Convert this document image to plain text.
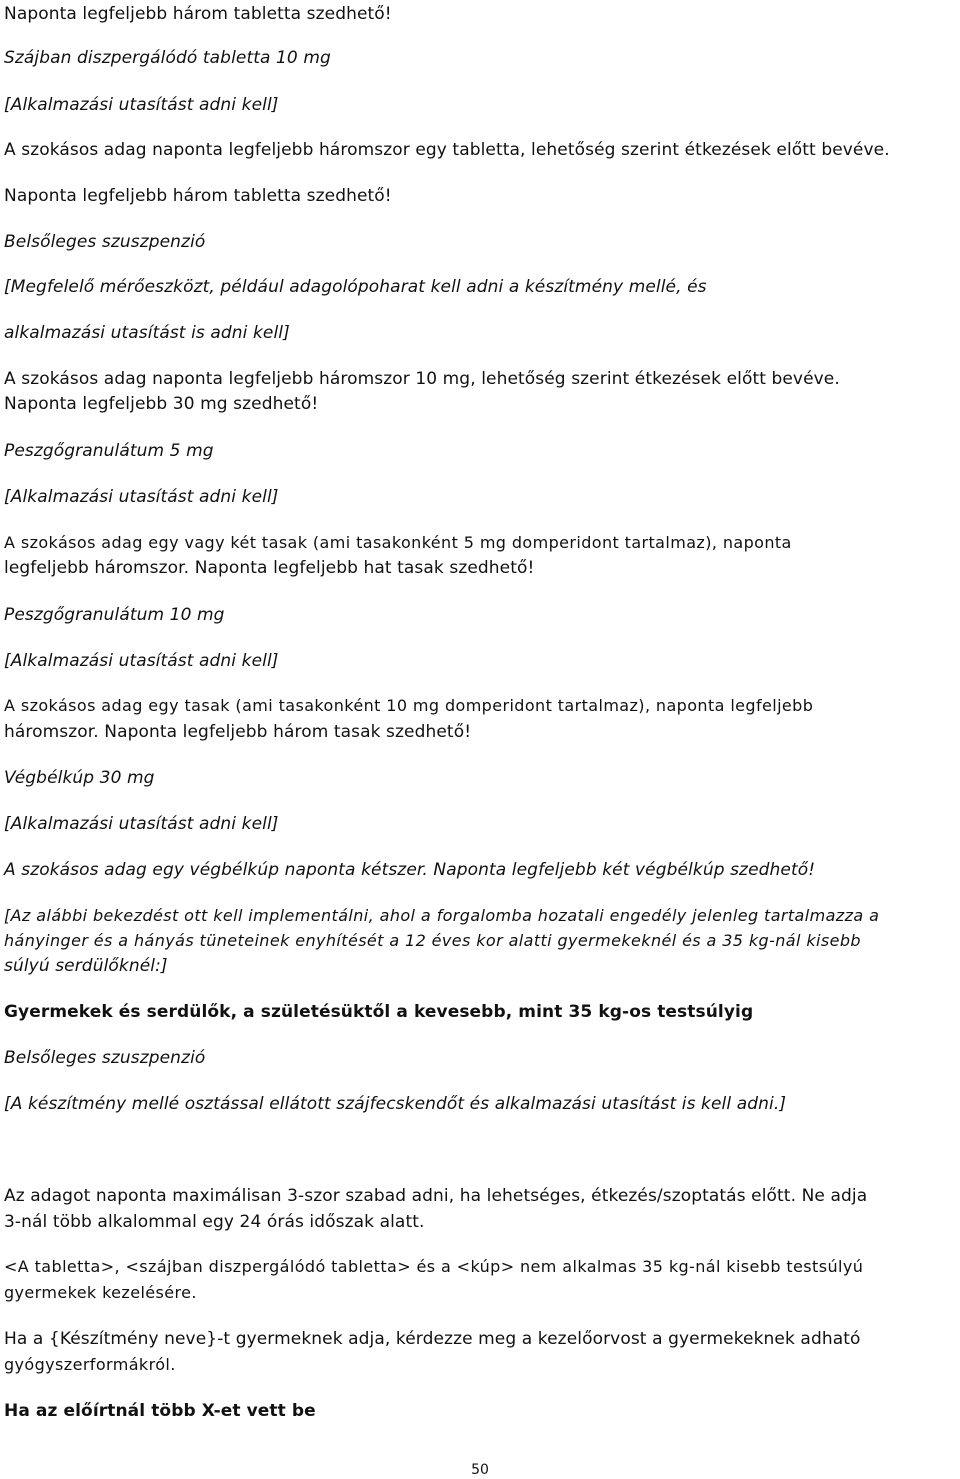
Naponta legfeljebb három tabletta szedhető!
Szájban diszpergálódó tabletta 10 mg
[Alkalmazási utasítást adni kell]
A szokásos adag naponta legfeljebb háromszor egy tabletta, lehetőség szerint étkezések előtt bevéve.
Naponta legfeljebb három tabletta szedhető!
Belsőleges szuszpenzió
[Megfelelő mérőeszközt, például adagolópoharat kell adni a készítmény mellé, és
alkalmazási utasítást is adni kell]
A szokásos adag naponta legfeljebb háromszor 10 mg, lehetőség szerint étkezések előtt bevéve.
Naponta legfeljebb 30 mg szedhető!
Peszgőgranulátum 5 mg
[Alkalmazási utasítást adni kell]
A szokásos adag egy vagy két tasak (ami tasakonként 5 mg domperidont tartalmaz), naponta
legfeljebb háromszor. Naponta legfeljebb hat tasak szedhető!
Peszgőgranulátum 10 mg
[Alkalmazási utasítást adni kell]
A szokásos adag egy tasak (ami tasakonként 10 mg domperidont tartalmaz), naponta legfeljebb
háromszor. Naponta legfeljebb három tasak szedhető!
Végbélkúp 30 mg
[Alkalmazási utasítást adni kell]
A szokásos adag egy végbélkúp naponta kétszer. Naponta legfeljebb két végbélkúp szedhető!
[Az alábbi bekezdést ott kell implementálni, ahol a forgalomba hozatali engedély jelenleg tartalmazza a
hányinger és a hányás tüneteinek enyhítését a 12 éves kor alatti gyermekeknél és a 35 kg-nál kisebb
súlyú serdülőknél:]
Gyermekek és serdülők, a születésüktől a kevesebb, mint 35 kg-os testsúlyig
Belsőleges szuszpenzió
[A készítmény mellé osztással ellátott szájfecskendőt és alkalmazási utasítást is kell adni.]
Az adagot naponta maximálisan 3-szor szabad adni, ha lehetséges, étkezés/szoptatás előtt. Ne adja
3-nál több alkalommal egy 24 órás időszak alatt.
<A tabletta>, <szájban diszpergálódó tabletta> és a <kúp> nem alkalmas 35 kg-nál kisebb testsúlyú
gyermekek kezelésére.
Ha a {Készítmény neve}-t gyermeknek adja, kérdezze meg a kezelőorvost a gyermekeknek adható
gyógyszerformákról.
Ha az előírtnál több X-et vett be
50
